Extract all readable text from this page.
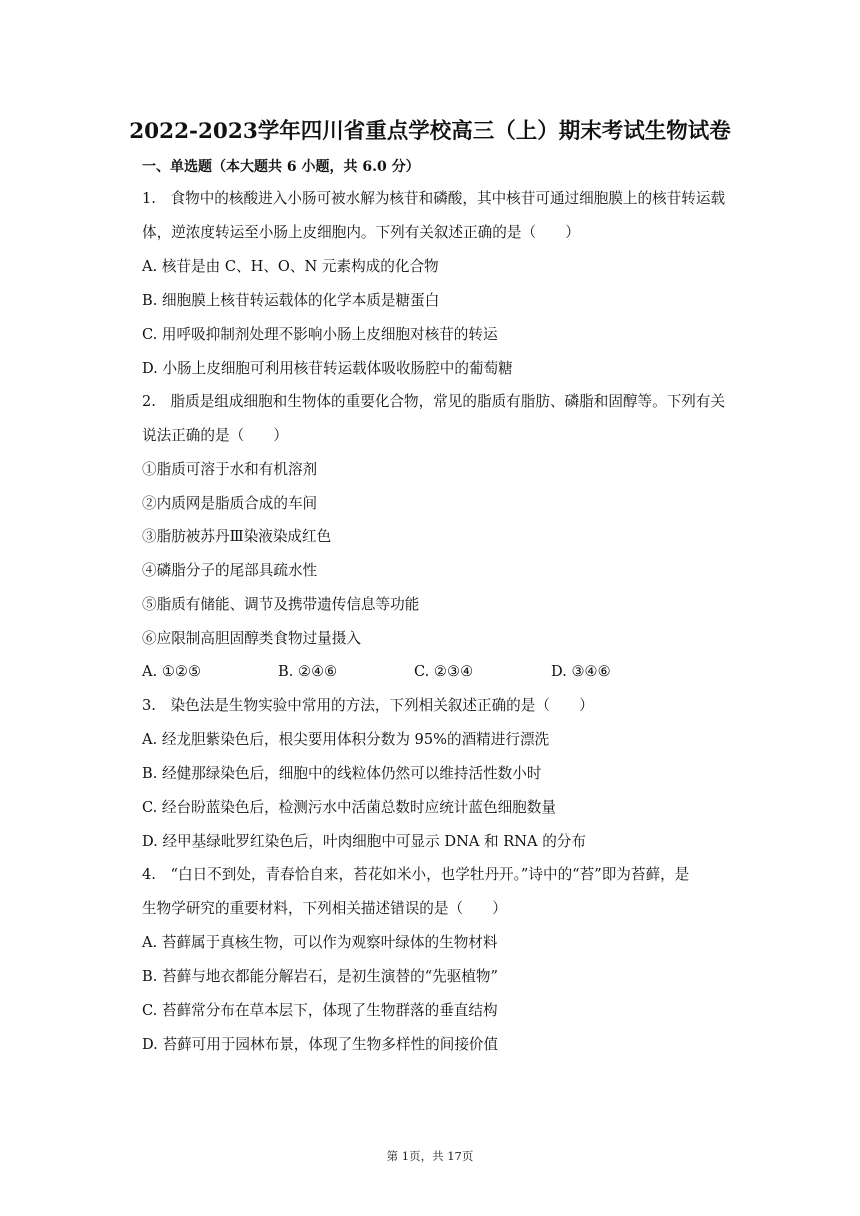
2022-2023学年四川省重点学校高三（上）期末考试生物试卷
一、单选题（本大题共 6 小题，共 6.0 分）
1.　食物中的核酸进入小肠可被水解为核苷和磷酸，其中核苷可通过细胞膜上的核苷转运载
体，逆浓度转运至小肠上皮细胞内。下列有关叙述正确的是（　　）
A. 核苷是由 C、H、O、N 元素构成的化合物
B. 细胞膜上核苷转运载体的化学本质是糖蛋白
C. 用呼吸抑制剂处理不影响小肠上皮细胞对核苷的转运
D. 小肠上皮细胞可利用核苷转运载体吸收肠腔中的葡萄糖
2.　脂质是组成细胞和生物体的重要化合物，常见的脂质有脂肪、磷脂和固醇等。下列有关
说法正确的是（　　）
①脂质可溶于水和有机溶剂
②内质网是脂质合成的车间
③脂肪被苏丹Ⅲ染液染成红色
④磷脂分子的尾部具疏水性
⑤脂质有储能、调节及携带遗传信息等功能
⑥应限制高胆固醇类食物过量摄入
A. ①②⑤	B. ②④⑥	C. ②③④	D. ③④⑥
3.　染色法是生物实验中常用的方法，下列相关叙述正确的是（　　）
A. 经龙胆紫染色后，根尖要用体积分数为 95%的酒精进行漂洗
B. 经健那绿染色后，细胞中的线粒体仍然可以维持活性数小时
C. 经台盼蓝染色后，检测污水中活菌总数时应统计蓝色细胞数量
D. 经甲基绿吡罗红染色后，叶肉细胞中可显示 DNA 和 RNA 的分布
4.　“白日不到处，青春恰自来，苔花如米小，也学牡丹开。”诗中的“苔”即为苔藓，是
生物学研究的重要材料，下列相关描述错误的是（　　）
A. 苔藓属于真核生物，可以作为观察叶绿体的生物材料
B. 苔藓与地衣都能分解岩石，是初生演替的“先驱植物”
C. 苔藓常分布在草本层下，体现了生物群落的垂直结构
D. 苔藓可用于园林布景，体现了生物多样性的间接价值
第 1页，共 17页
